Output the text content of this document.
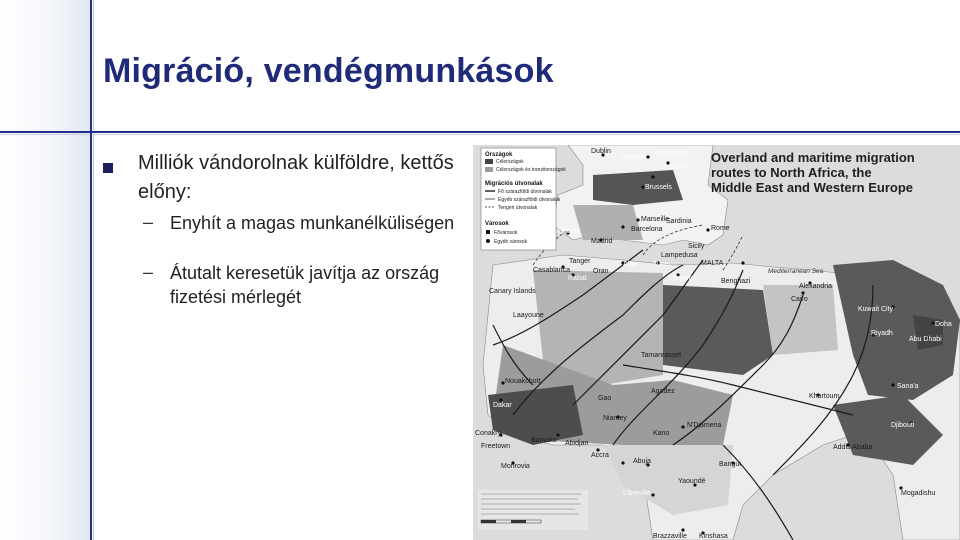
Migráció, vendégmunkások
Milliók vándorolnak külföldre, kettős előny:
– Enyhít a magas munkanélküliségen
– Átutalt keresetük javítja az ország fizetési mérlegét
Dublin
London
Amsterdam
Berlin
Brussels
Marseille
Barcelona
Lisbon
Madrid
Rome
Sardinia
Sicily
Lampedusa
MALTA
Alger Tunis
Tripoli
Rabat
Casablanca
Tanger
Oran
Benghazi
Cairo
Alexandria
Kuwait City
Riyadh
Doha
Abu Dhabi
Sana'a
Djibouti
Addis Ababa
Khartoum
Nouakchott
Dakar
Bamako
Niamey
N'Djamena
Abuja
Accra
Abidjan
Monrovia
Freetown
Conakry
Yaoundé
Bangui
Libreville
Brazzaville Kinshasa
Mogadishu
Tamanrasset
Agadez
Gao
Kano
Laayoune
Canary Islands
Mediterranean Sea
Országok
Célországok
Célországok és tranzitországok
Migrációs útvonalak
Fő szárazföldi útvonalak
Egyéb szárazföldi útvonalak
Tengeri útvonalak
Városok
Fővárosok
Egyéb városok
Overland and maritime migration
routes to North Africa, the
Middle East and Western Europe
